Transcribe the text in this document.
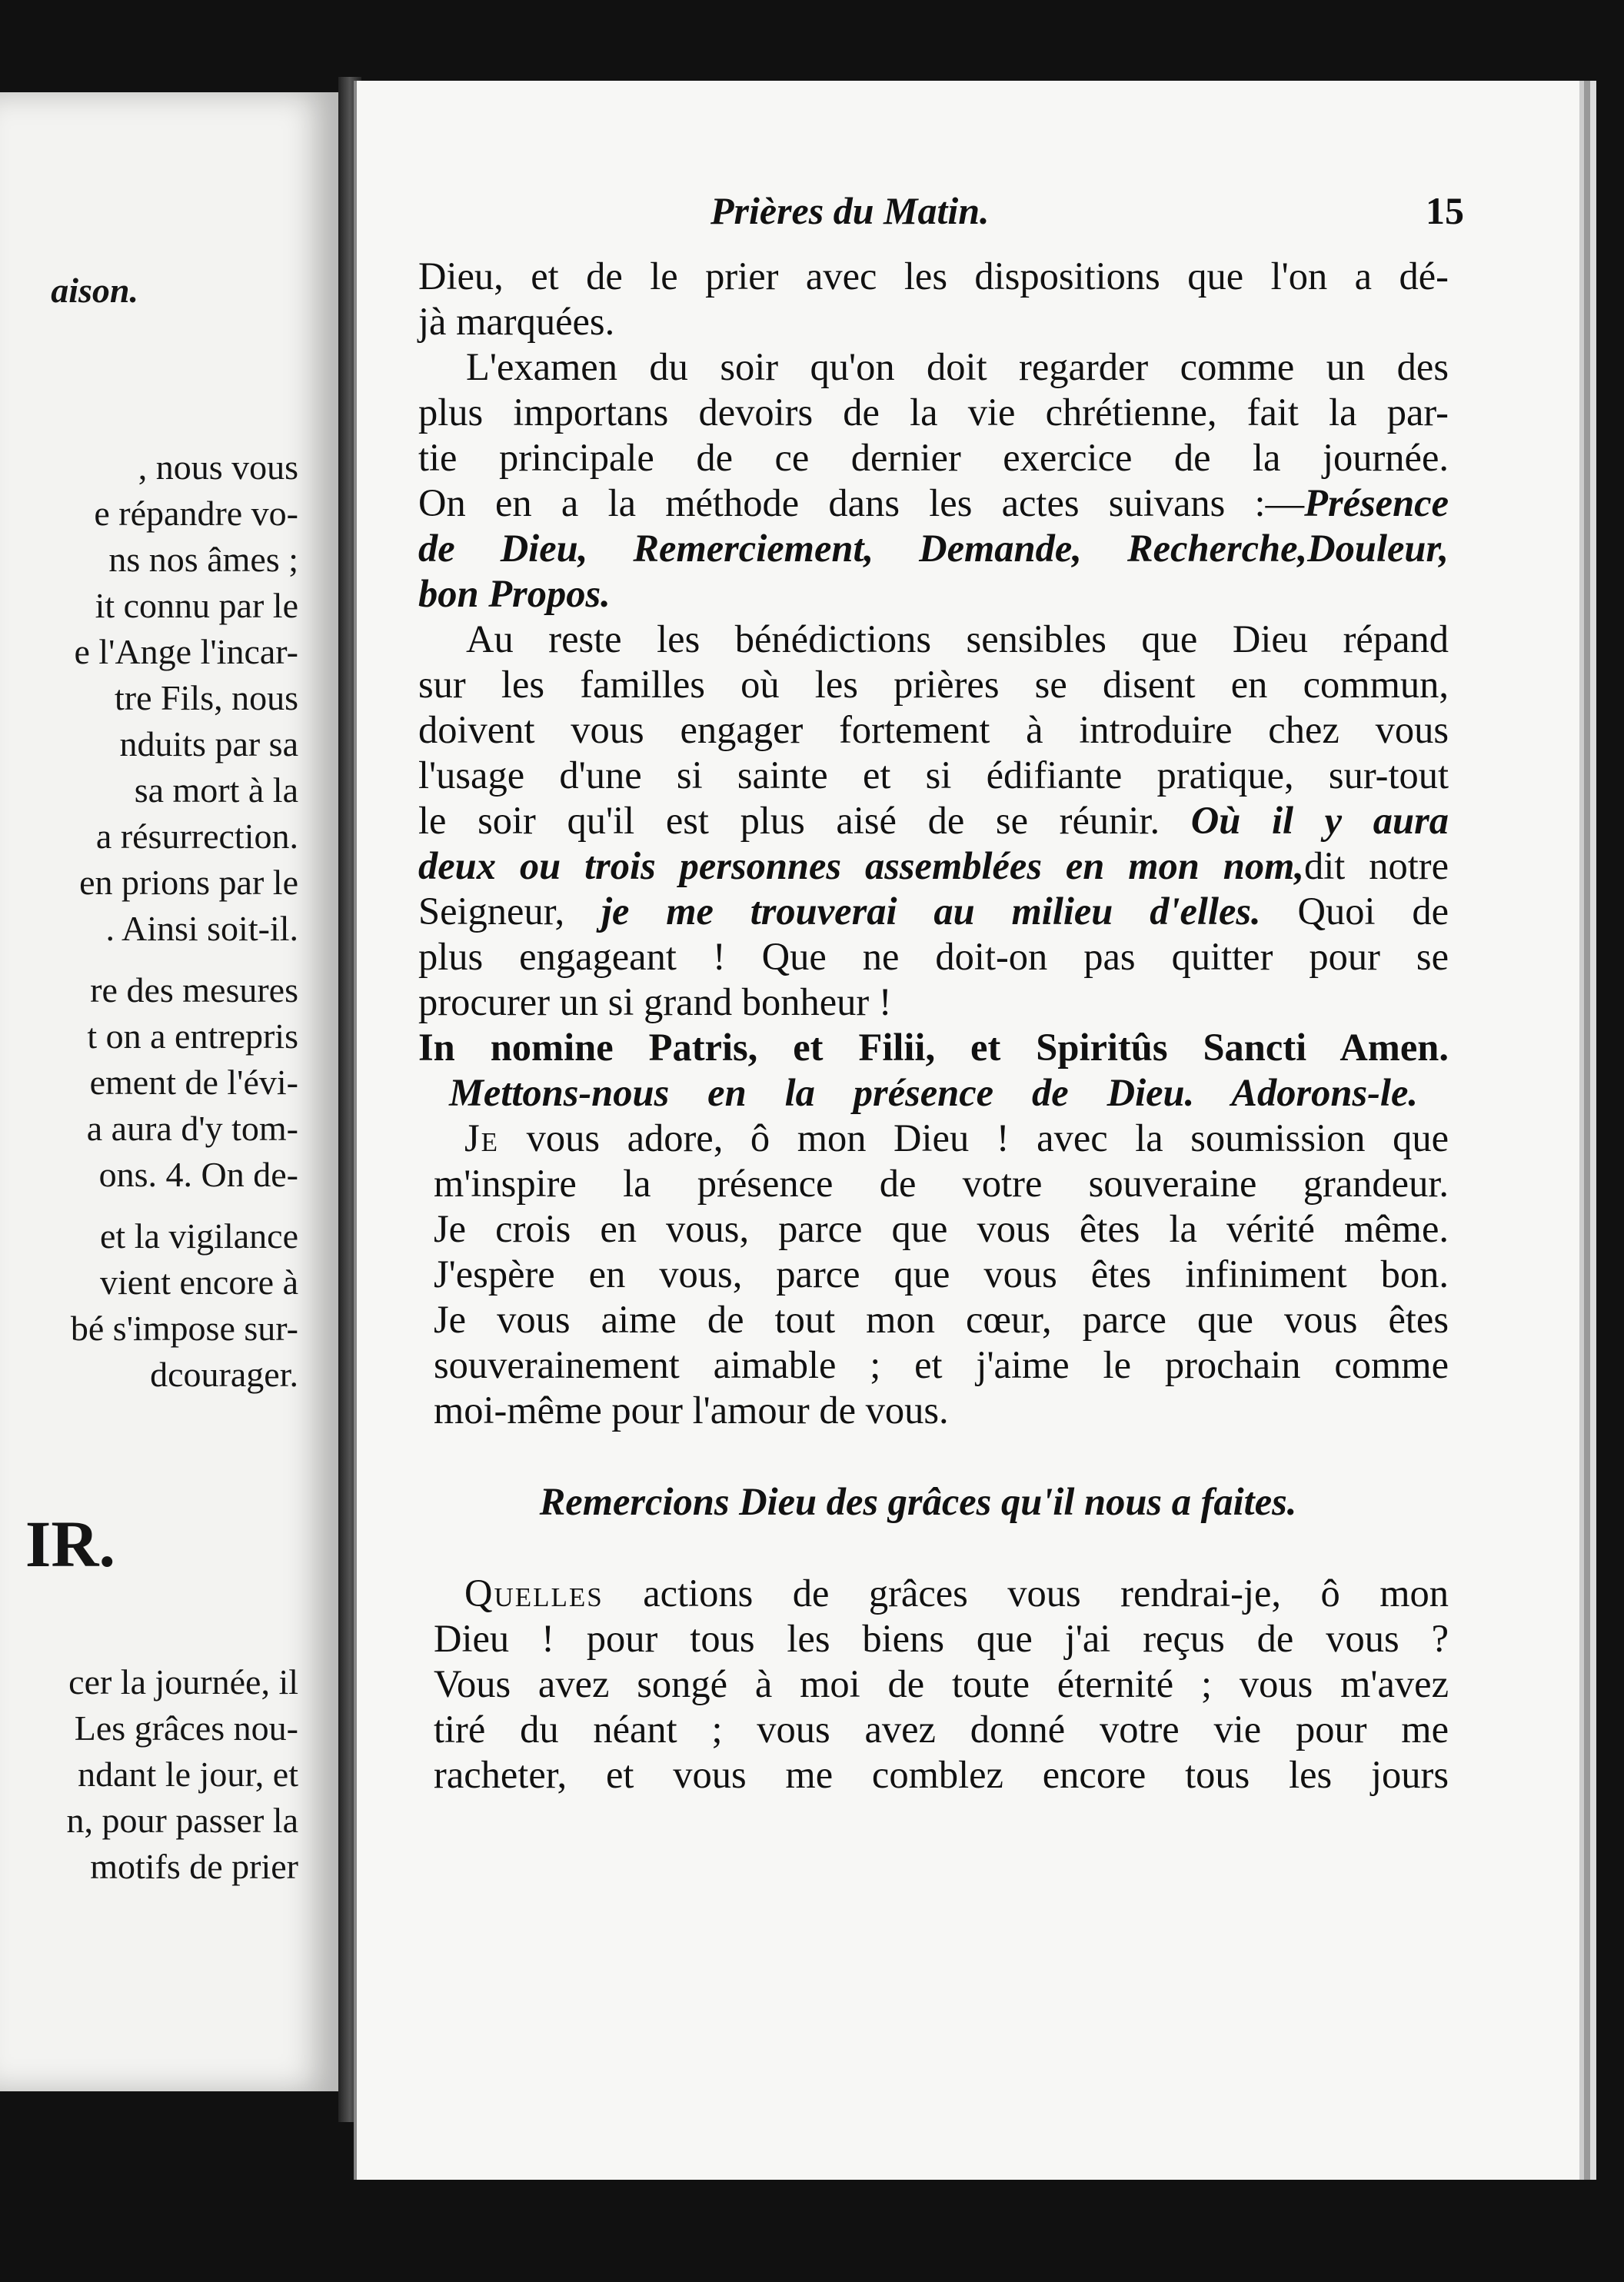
aison.
, nous vous
e répandre vo-
ns nos âmes ;
it connu par le
e l'Ange l'incar-
tre Fils, nous
nduits par sa
sa mort à la
a résurrection.
en prions par le
. Ainsi soit-il.
re des mesures
t on a entrepris
ement de l'évi-
a aura d'y tom-
ons. 4. On de-
et la vigilance
vient encore à
bé s'impose sur-
dcourager.
IR.
cer la journée, il
Les grâces nou-
ndant le jour, et
n, pour passer la
motifs de prier
Prières du Matin.	15

Dieu, et de le prier avec les dispositions que l'on a dé-
jà marquées.

L'examen du soir qu'on doit regarder comme un des
plus importans devoirs de la vie chrétienne, fait la par-
tie principale de ce dernier exercice de la journée.
On en a la méthode dans les actes suivans :—Présence
de Dieu, Remerciement, Demande, Recherche,Douleur,
bon Propos.

Au reste les bénédictions sensibles que Dieu répand
sur les familles où les prières se disent en commun,
doivent vous engager fortement à introduire chez vous
l'usage d'une si sainte et si édifiante pratique, sur-tout
le soir qu'il est plus aisé de se réunir. Où il y aura
deux ou trois personnes assemblées en mon nom,dit notre
Seigneur, je me trouverai au milieu d'elles. Quoi de
plus engageant ! Que ne doit-on pas quitter pour se
procurer un si grand bonheur !

In nomine Patris, et Filii, et Spiritûs Sancti Amen.

Mettons-nous en la présence de Dieu. Adorons-le.

Je vous adore, ô mon Dieu ! avec la soumission que
m'inspire la présence de votre souveraine grandeur.
Je crois en vous, parce que vous êtes la vérité même.
J'espère en vous, parce que vous êtes infiniment bon.
Je vous aime de tout mon cœur, parce que vous êtes
souverainement aimable ; et j'aime le prochain comme
moi-même pour l'amour de vous.

Remercions Dieu des grâces qu'il nous a faites.

Quelles actions de grâces vous rendrai-je, ô mon
Dieu ! pour tous les biens que j'ai reçus de vous ?
Vous avez songé à moi de toute éternité ; vous m'avez
tiré du néant ; vous avez donné votre vie pour me
racheter, et vous me comblez encore tous les jours
